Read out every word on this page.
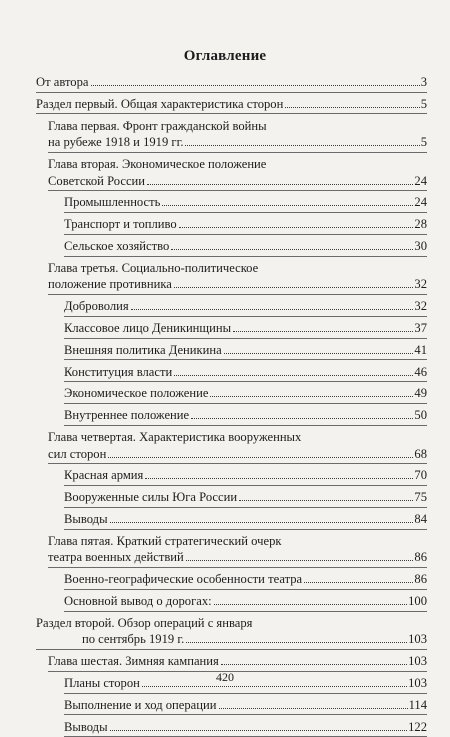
Оглавление
От автора	3
Раздел первый. Общая характеристика сторон	5
Глава первая. Фронт гражданской войны
на рубеже 1918 и 1919 гг.	5
Глава вторая. Экономическое положение
Советской России	24
Промышленность	24
Транспорт и топливо	28
Сельское хозяйство	30
Глава третья. Социально-политическое
положение противника	32
Доброволия	32
Классовое лицо Деникинщины	37
Внешняя политика Деникина	41
Конституция власти	46
Экономическое положение	49
Внутреннее положение	50
Глава четвертая. Характеристика вооруженных
сил сторон	68
Красная армия	70
Вооруженные силы Юга России	75
Выводы	84
Глава пятая. Краткий стратегический очерк
театра военных действий	86
Военно-географические особенности театра	86
Основной вывод о дорогах:	100
Раздел второй. Обзор операций с января
по сентябрь 1919 г.	103
Глава шестая. Зимняя кампания	103
Планы сторон	103
Выполнение и ход операции	114
Выводы	122
420
